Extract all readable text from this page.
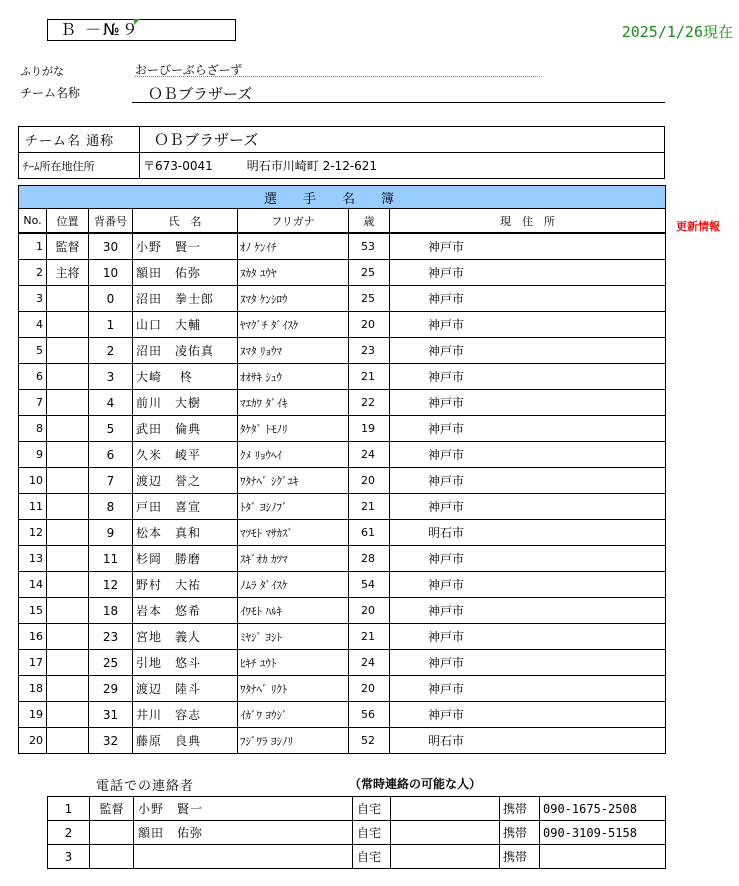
Ｂ －№９	2025/1/26現在
ふりがな	おーびーぶらざーず
チーム名称	ＯＢブラザーズ
チーム名 通称	ＯＢブラザーズ
ﾁｰﾑ所在地住所	〒673-0041 明石市川崎町 2-12-621
選手名簿						
No.	位置	背番号	氏　名	フリガナ	歳	現　住　所
1	監督	30	小野　賢一	ｵﾉ ｹﾝｲﾁ	53	神戸市
2	主将	10	額田　佑弥	ﾇｶﾀ ﾕｳﾔ	25	神戸市
3		0	沼田　拳士郎	ﾇﾏﾀ ｹﾝｼﾛｳ	25	神戸市
4		1	山口　大輔	ﾔﾏｸﾞﾁ ﾀﾞｲｽｹ	20	神戸市
5		2	沼田　凌佑真	ﾇﾏﾀ ﾘｮｳﾏ	23	神戸市
6		3	大崎　 柊	ｵｵｻｷ ｼｭｳ	21	神戸市
7		4	前川　大樹	ﾏｴｶﾜ ﾀﾞｲｷ	22	神戸市
8		5	武田　倫典	ﾀｹﾀﾞ ﾄﾓﾉﾘ	19	神戸市
9		6	久米　崚平	ｸﾒ ﾘｮｳﾍｲ	24	神戸市
10		7	渡辺　誉之	ﾜﾀﾅﾍﾞ ｼｸﾞﾕｷ	20	神戸市
11		8	戸田　喜宣	ﾄﾀﾞ ﾖｼﾉﾌﾞ	21	神戸市
12		9	松本　真和	ﾏﾂﾓﾄ ﾏｻｶｽﾞ	61	明石市
13		11	杉岡　勝磨	ｽｷﾞｵｶ ｶﾂﾏ	28	神戸市
14		12	野村　大祐	ﾉﾑﾗ ﾀﾞｲｽｹ	54	神戸市
15		18	岩本　悠希	ｲﾜﾓﾄ ﾊﾙｷ	20	神戸市
16		23	宮地　義人	ﾐﾔｼﾞ ﾖｼﾄ	21	神戸市
17		25	引地　悠斗	ﾋｷﾁ ﾕｳﾄ	24	神戸市
18		29	渡辺　陸斗	ﾜﾀﾅﾍﾞ ﾘｸﾄ	20	神戸市
19		31	井川　容志	ｲｶﾞﾜ ﾖｳｼﾞ	56	神戸市
20		32	藤原　良典	ﾌｼﾞﾜﾗ ﾖｼﾉﾘ	52	明石市
更新情報
電話での連絡者	（常時連絡の可能な人）
1	監督	小野　賢一	自宅		携帯	090-1675-2508
2		額田　佑弥	自宅		携帯	090-3109-5158
3			自宅		携帯	
